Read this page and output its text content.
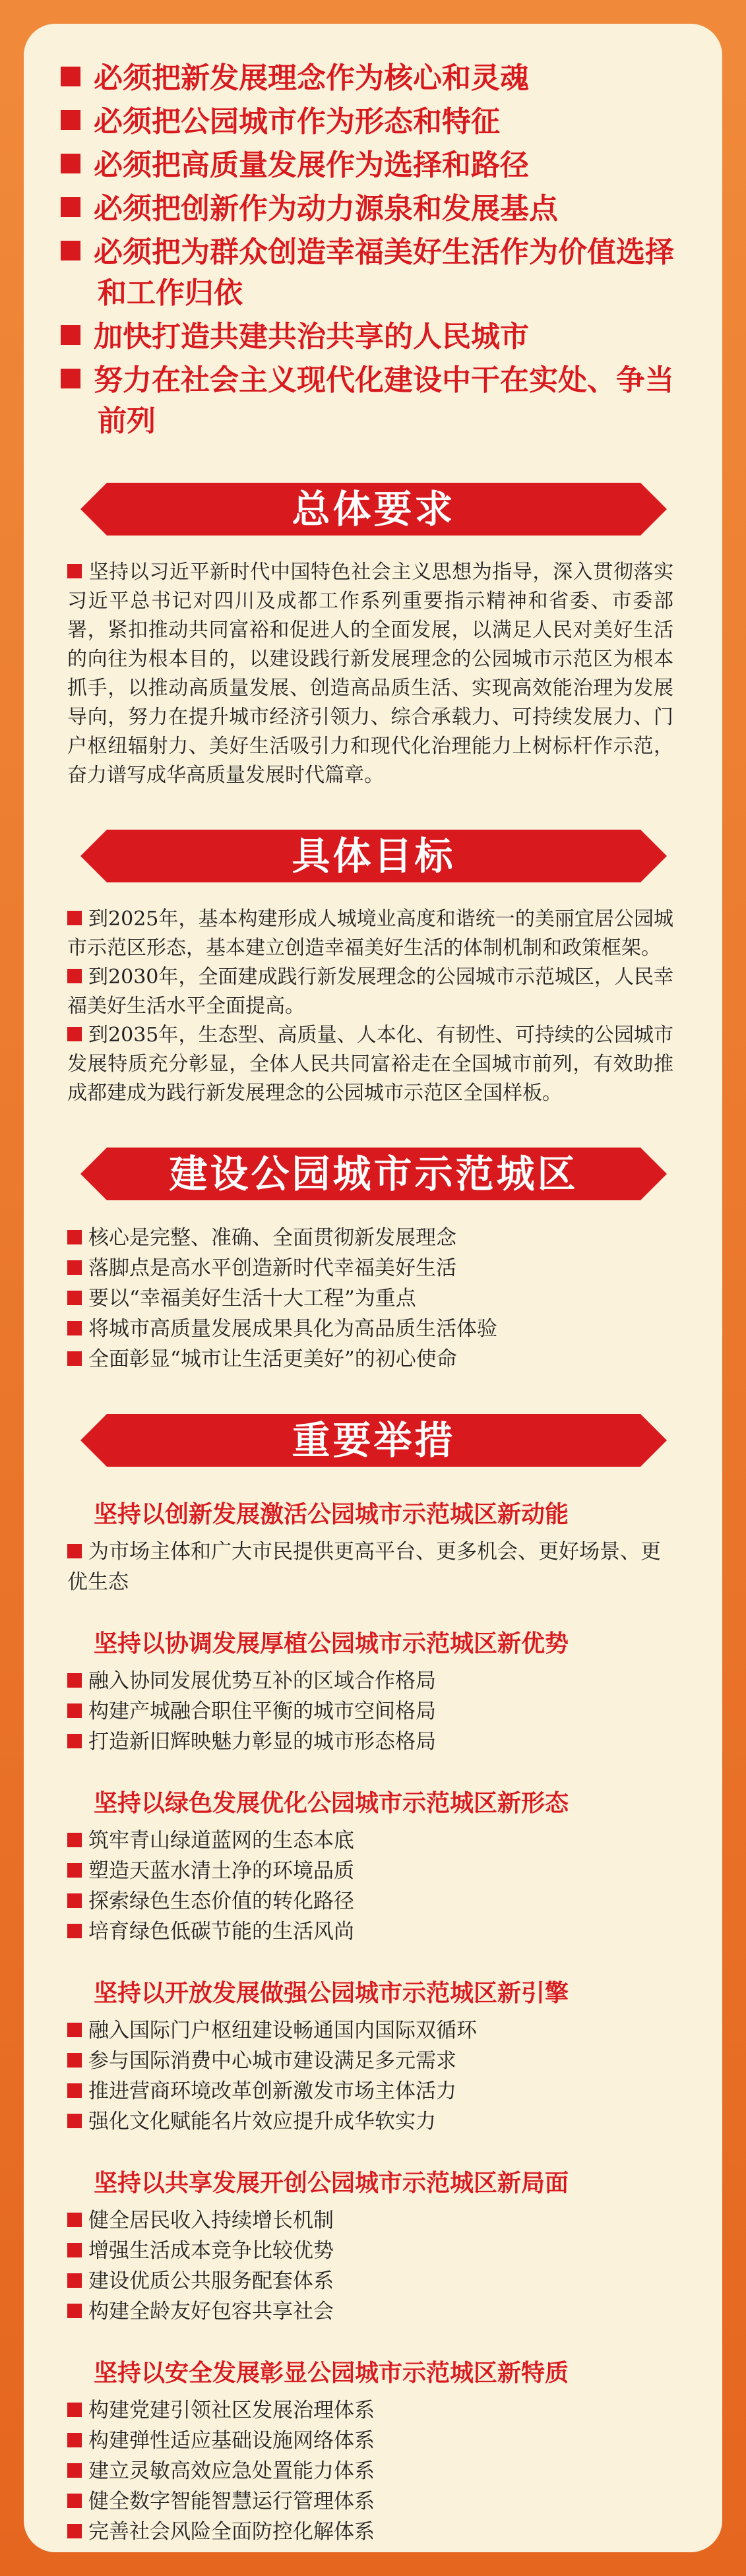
必须把新发展理念作为核心和灵魂
必须把公园城市作为形态和特征
必须把高质量发展作为选择和路径
必须把创新作为动力源泉和发展基点
必须把为群众创造幸福美好生活作为价值选择和工作归依
加快打造共建共治共享的人民城市
努力在社会主义现代化建设中干在实处、争当前列
总体要求

坚持以习近平新时代中国特色社会主义思想为指导，深入贯彻落实习近平总书记对四川及成都工作系列重要指示精神和省委、市委部署，紧扣推动共同富裕和促进人的全面发展，以满足人民对美好生活的向往为根本目的，以建设践行新发展理念的公园城市示范区为根本抓手，以推动高质量发展、创造高品质生活、实现高效能治理为发展导向，努力在提升城市经济引领力、综合承载力、可持续发展力、门户枢纽辐射力、美好生活吸引力和现代化治理能力上树标杆作示范，奋力谱写成华高质量发展时代篇章。

具体目标

到2025年，基本构建形成人城境业高度和谐统一的美丽宜居公园城市示范区形态，基本建立创造幸福美好生活的体制机制和政策框架。

到2030年，全面建成践行新发展理念的公园城市示范城区，人民幸福美好生活水平全面提高。

到2035年，生态型、高质量、人本化、有韧性、可持续的公园城市发展特质充分彰显，全体人民共同富裕走在全国城市前列，有效助推成都建成为践行新发展理念的公园城市示范区全国样板。

建设公园城市示范城区
核心是完整、准确、全面贯彻新发展理念
落脚点是高水平创造新时代幸福美好生活
要以“幸福美好生活十大工程”为重点
将城市高质量发展成果具化为高品质生活体验
全面彰显“城市让生活更美好”的初心使命
重要举措
坚持以创新发展激活公园城市示范城区新动能
为市场主体和广大市民提供更高平台、更多机会、更好场景、更优生态
坚持以协调发展厚植公园城市示范城区新优势
融入协同发展优势互补的区域合作格局
构建产城融合职住平衡的城市空间格局
打造新旧辉映魅力彰显的城市形态格局
坚持以绿色发展优化公园城市示范城区新形态
筑牢青山绿道蓝网的生态本底
塑造天蓝水清土净的环境品质
探索绿色生态价值的转化路径
培育绿色低碳节能的生活风尚
坚持以开放发展做强公园城市示范城区新引擎
融入国际门户枢纽建设畅通国内国际双循环
参与国际消费中心城市建设满足多元需求
推进营商环境改革创新激发市场主体活力
强化文化赋能名片效应提升成华软实力
坚持以共享发展开创公园城市示范城区新局面
健全居民收入持续增长机制
增强生活成本竞争比较优势
建设优质公共服务配套体系
构建全龄友好包容共享社会
坚持以安全发展彰显公园城市示范城区新特质
构建党建引领社区发展治理体系
构建弹性适应基础设施网络体系
建立灵敏高效应急处置能力体系
健全数字智能智慧运行管理体系
完善社会风险全面防控化解体系
